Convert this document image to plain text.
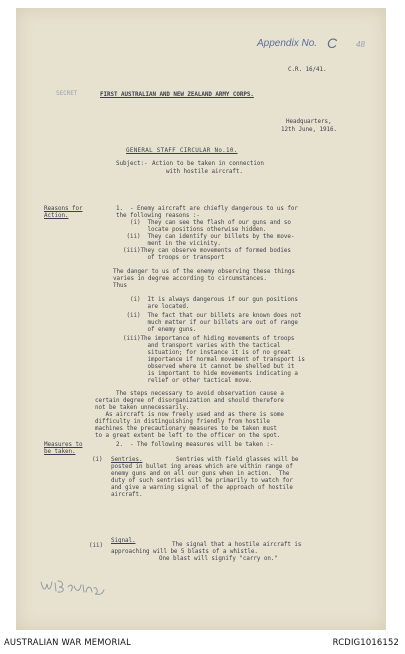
Appendix No. C 48
C.R. 16/41.
SECRET	FIRST AUSTRALIAN AND NEW ZEALAND ARMY CORPS.
Headquarters,
12th June, 1916.
GENERAL STAFF CIRCULAR No.10.
Subject:- Action to be taken in connection
with hostile aircraft.
Reasons for
Action.
1.  - Enemy aircraft are chiefly dangerous to us for
the following reasons :-
(i)  They can see the flash of our guns and so
locate positions otherwise hidden.
(ii)  They can identify our billets by the move-
ment in the vicinity.
(iii)They can observe movements of formed bodies
of troops or transport
The danger to us of the enemy observing these things
varies in degree according to circumstances.
Thus
(i)  It is always dangerous if our gun positions
are located.
(ii)  The fact that our billets are known does not
much matter if our billets are out of range
of enemy guns.
(iii)The importance of hiding movements of troops
and transport varies with the tactical
situation; for instance it is of no great
importance if normal movement of transport is
observed where it cannot be shelled but it
is important to hide movements indicating a
relief or other tactical move.
The steps necessary to avoid observation cause a
certain degree of disorganization and should therefore
not be taken unnecessarily.
As aircraft is now freely used and as there is some
difficulty in distinguishing friendly from hostile
machines the precautionary measures to be taken must
to a great extent be left to the officer on the spot.
Measures to
be taken.
2.  - The following measures will be taken :-
(i) Sentries.	Sentries with field glasses will be
posted in bullet ing areas which are within range of
enemy guns and on all our guns when in action.  The
duty of such sentries will be primarily to watch for
and give a warning signal of the approach of hostile
aircraft.
(ii)
Signal.
The signal that a hostile aircraft is
approaching will be 5 blasts of a whistle.
One blast will signify "carry on."
AUSTRALIAN WAR MEMORIAL	RCDIG1016152
